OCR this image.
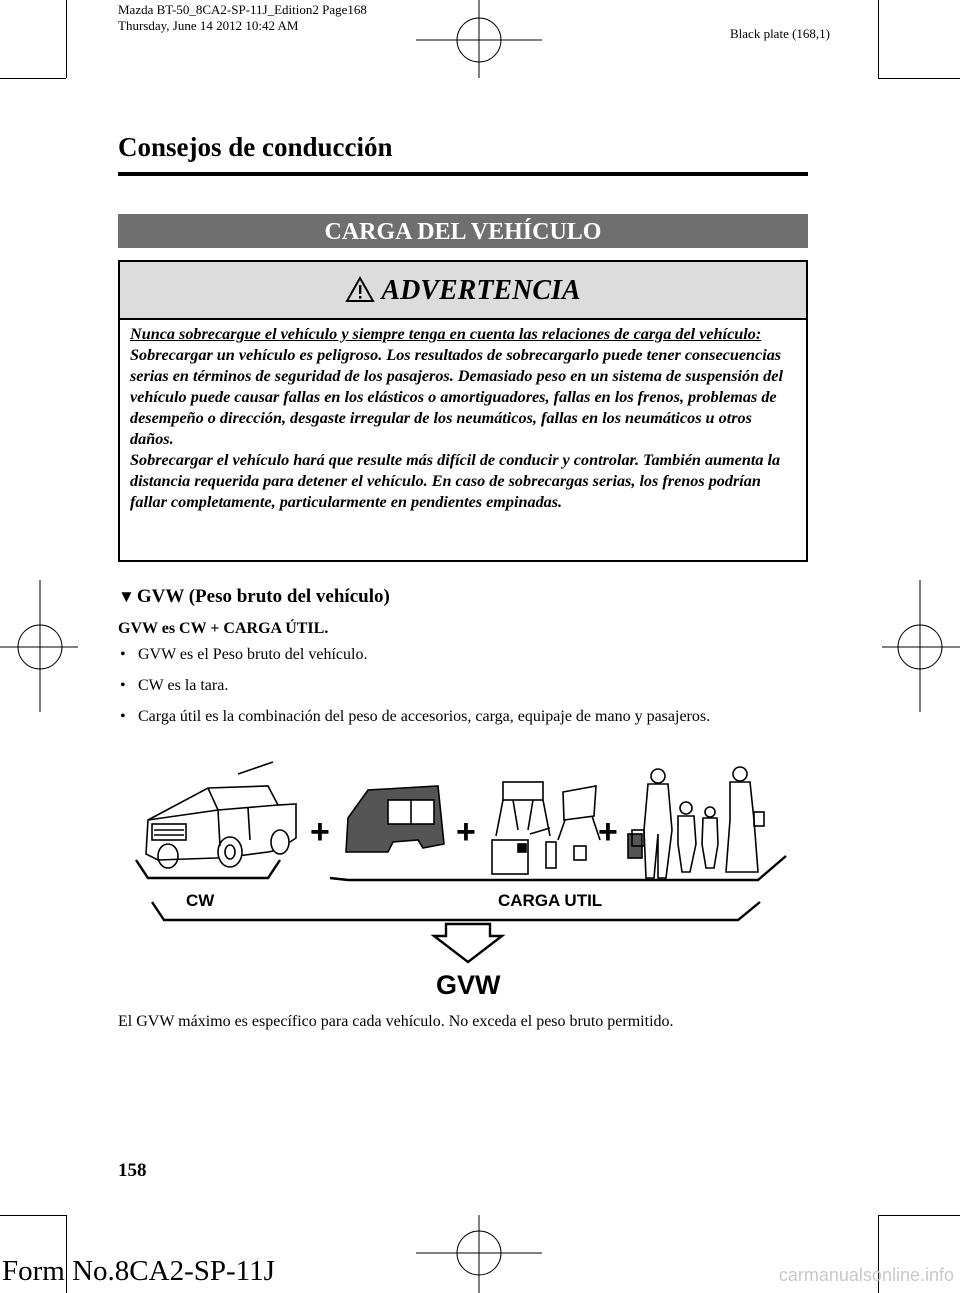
Mazda BT-50_8CA2-SP-11J_Edition2 Page168
Thursday, June 14 2012 10:42 AM
Black plate (168,1)
Consejos de conducción
CARGA DEL VEHÍCULO
ADVERTENCIA
Nunca sobrecargue el vehículo y siempre tenga en cuenta las relaciones de carga del vehículo:
Sobrecargar un vehículo es peligroso. Los resultados de sobrecargarlo puede tener consecuencias serias en términos de seguridad de los pasajeros. Demasiado peso en un sistema de suspensión del vehículo puede causar fallas en los elásticos o amortiguadores, fallas en los frenos, problemas de desempeño o dirección, desgaste irregular de los neumáticos, fallas en los neumáticos u otros daños.
Sobrecargar el vehículo hará que resulte más difícil de conducir y controlar. También aumenta la distancia requerida para detener el vehículo. En caso de sobrecargas serias, los frenos podrían fallar completamente, particularmente en pendientes empinadas.
▼ GVW (Peso bruto del vehículo)
GVW es CW + CARGA ÚTIL.
• GVW es el Peso bruto del vehículo.
• CW es la tara.
• Carga útil es la combinación del peso de accesorios, carga, equipaje de mano y pasajeros.
+	+	+
CW	CARGA UTIL
GVW
El GVW máximo es específico para cada vehículo. No exceda el peso bruto permitido.
158
Form No.8CA2-SP-11J	carmanualsonline.info
